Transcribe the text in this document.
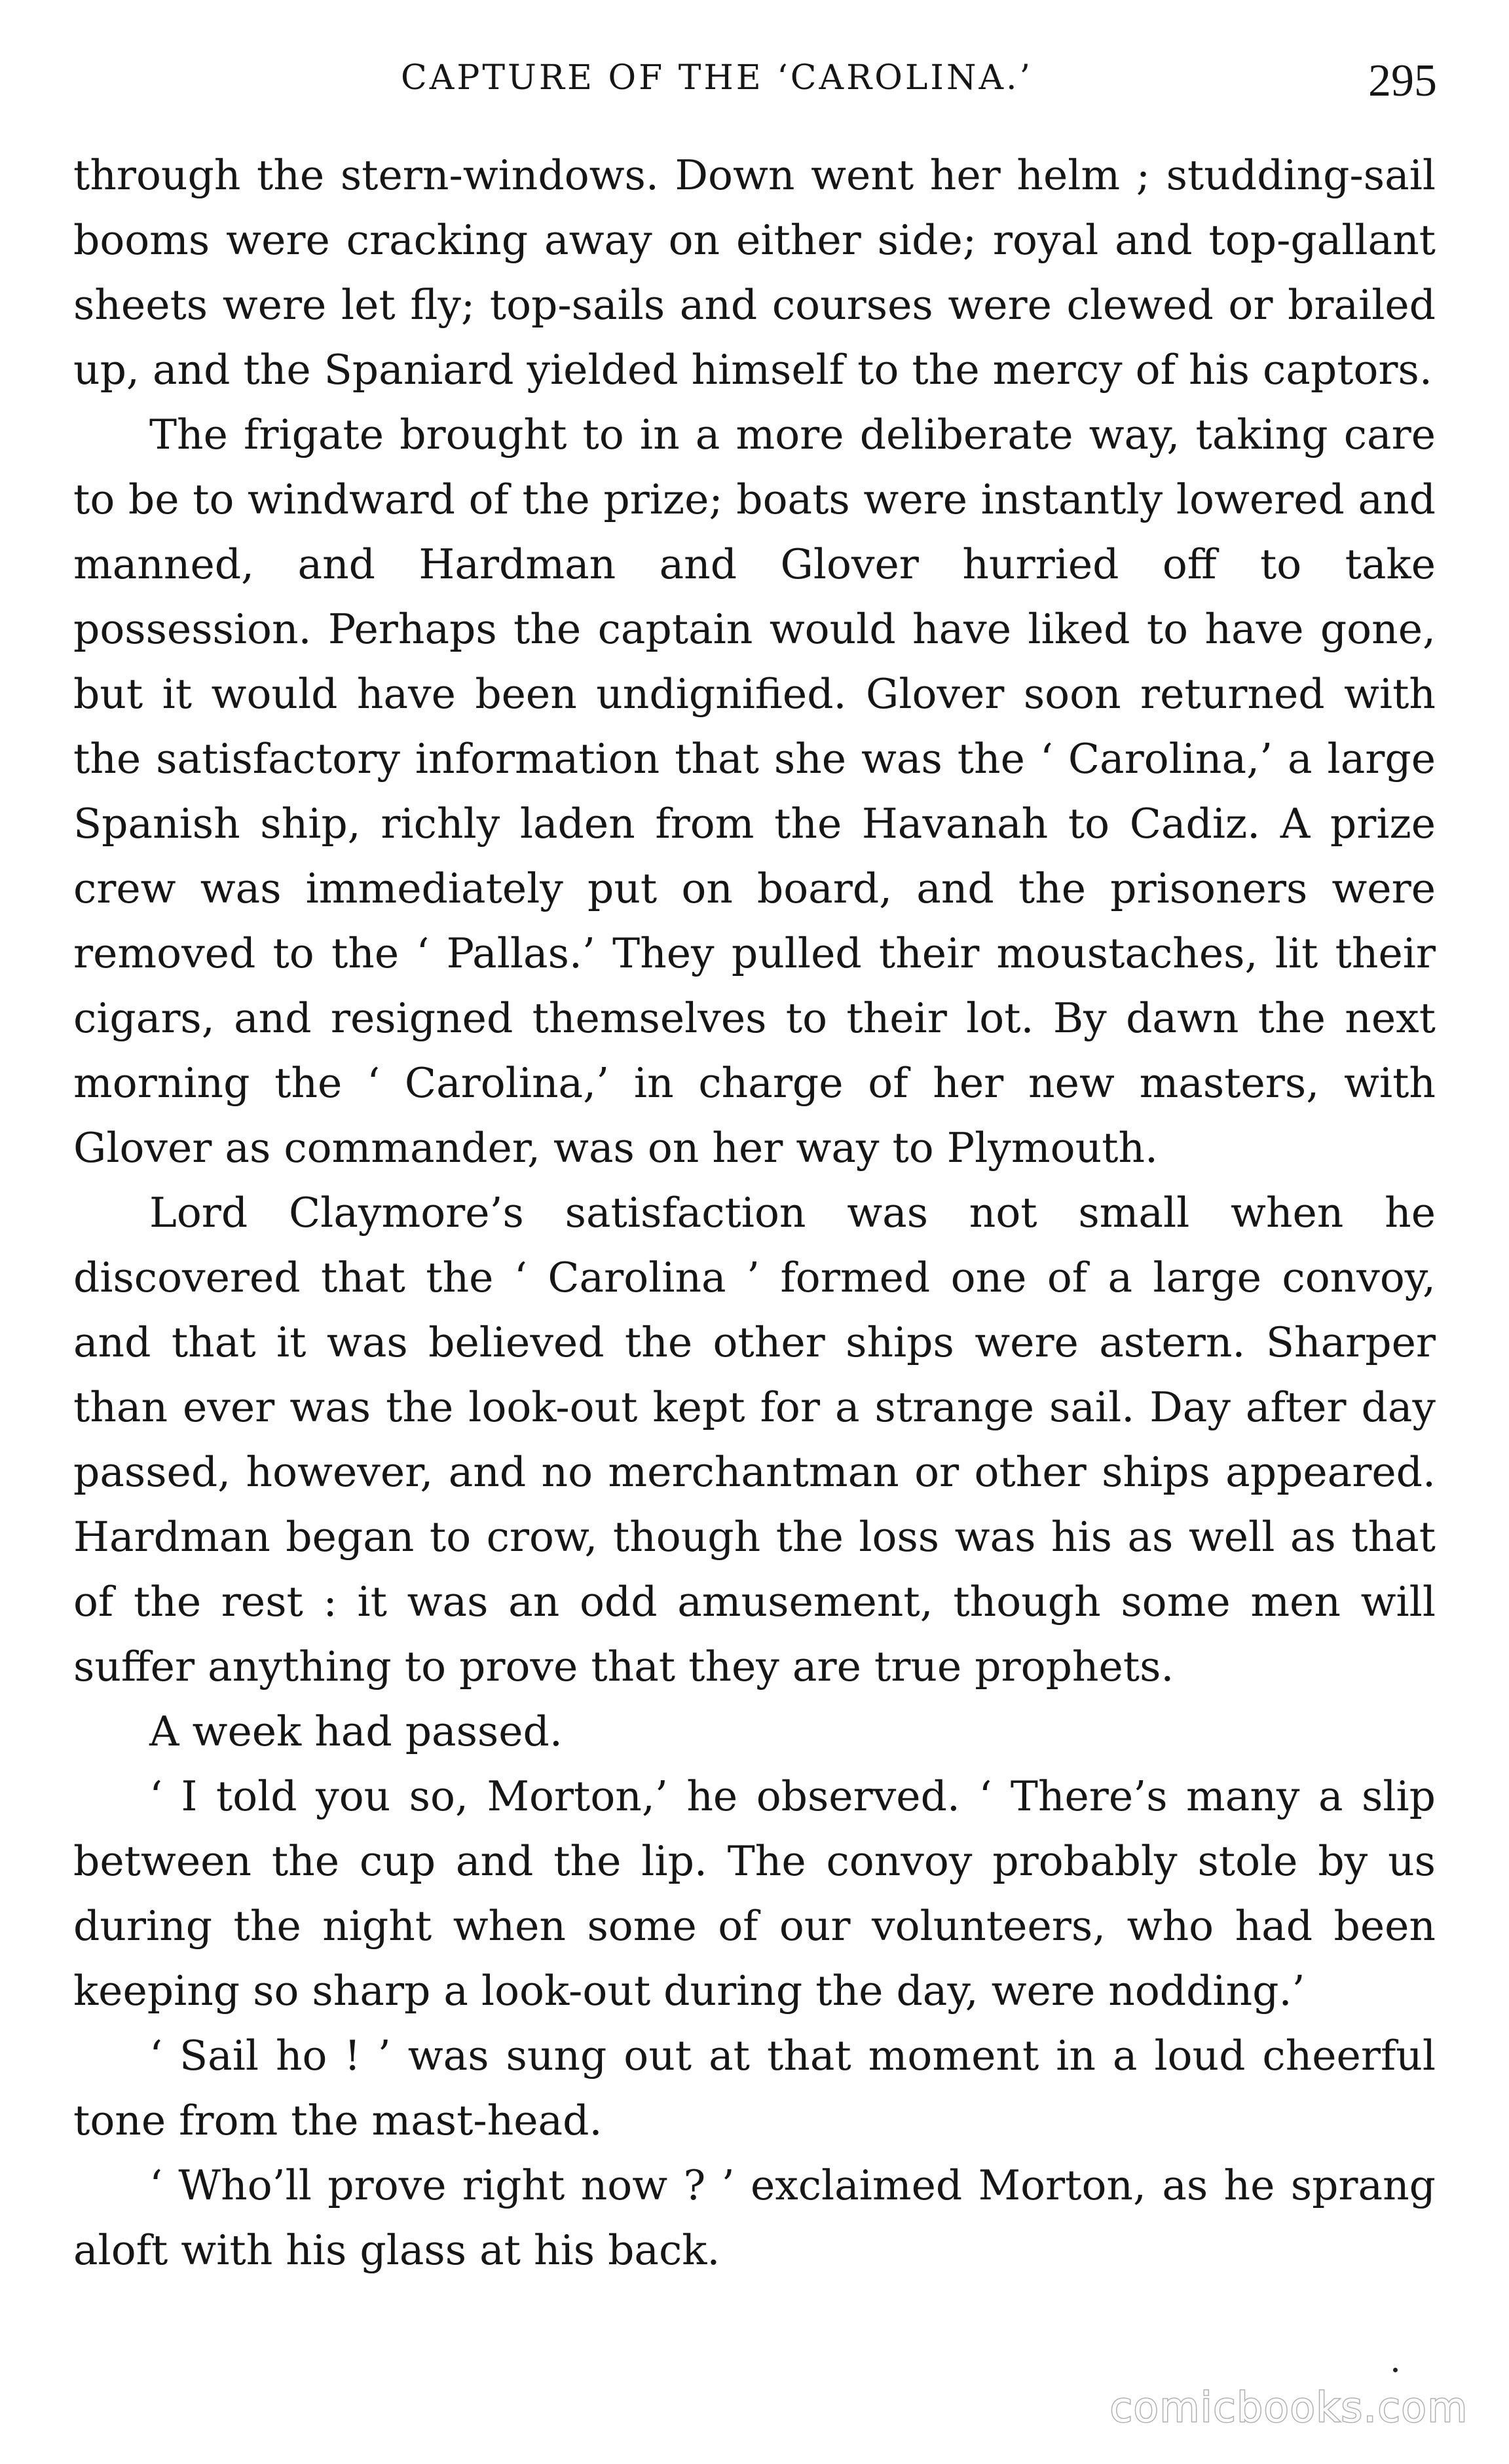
CAPTURE OF THE ‘CAROLINA.’	295

through the stern-windows. Down went her helm ; studding-sail booms were cracking away on either side; royal and top-gallant sheets were let fly; top-sails and courses were clewed or brailed up, and the Spaniard yielded himself to the mercy of his captors.

The frigate brought to in a more deliberate way, taking care to be to windward of the prize; boats were instantly lowered and manned, and Hardman and Glover hurried off to take possession. Perhaps the captain would have liked to have gone, but it would have been undignified. Glover soon returned with the satisfactory information that she was the ‘ Carolina,’ a large Spanish ship, richly laden from the Havanah to Cadiz. A prize crew was immediately put on board, and the prisoners were removed to the ‘ Pallas.’ They pulled their moustaches, lit their cigars, and resigned themselves to their lot. By dawn the next morning the ‘ Carolina,’ in charge of her new masters, with Glover as commander, was on her way to Plymouth.

Lord Claymore’s satisfaction was not small when he discovered that the ‘ Carolina ’ formed one of a large convoy, and that it was believed the other ships were astern. Sharper than ever was the look-out kept for a strange sail. Day after day passed, however, and no merchantman or other ships appeared. Hardman began to crow, though the loss was his as well as that of the rest : it was an odd amusement, though some men will suffer anything to prove that they are true prophets.

A week had passed.

‘ I told you so, Morton,’ he observed. ‘ There’s many a slip between the cup and the lip. The convoy probably stole by us during the night when some of our volunteers, who had been keeping so sharp a look-out during the day, were nodding.’

‘ Sail ho ! ’ was sung out at that moment in a loud cheerful tone from the mast-head.

‘ Who’ll prove right now ? ’ exclaimed Morton, as he sprang aloft with his glass at his back.

comicbooks.com
